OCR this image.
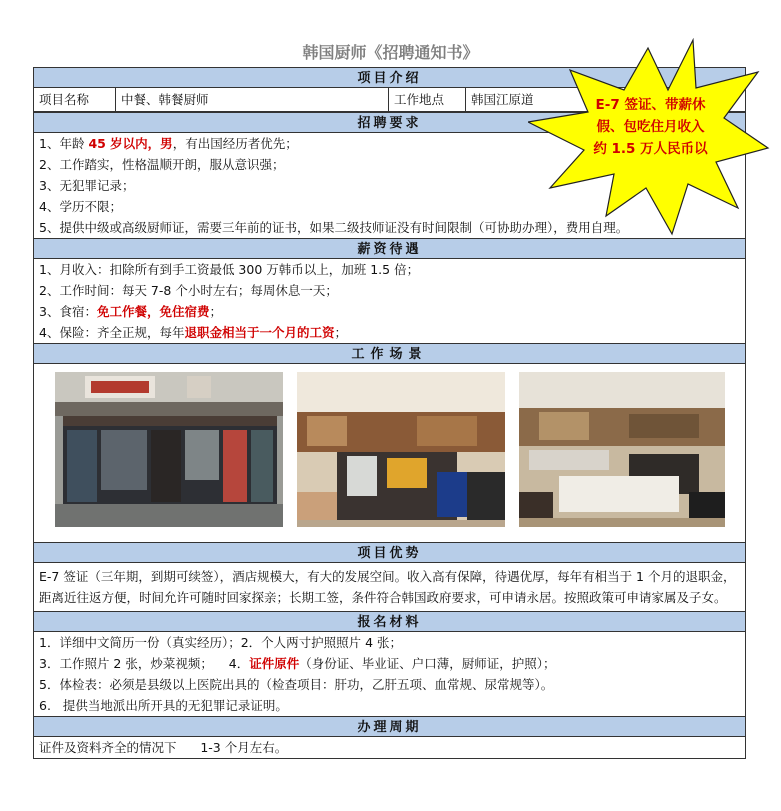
韩国厨师《招聘通知书》
项目介绍
项目名称	中餐、韩餐厨师	工作地点	韩国江原道
招聘要求
1、年龄 45 岁以内，男，有出国经历者优先；
2、工作踏实，性格温顺开朗，服从意识强；
3、无犯罪记录；
4、学历不限；
5、提供中级或高级厨师证，需要三年前的证书，如果二级技师证没有时间限制（可协助办理），费用自理。
薪资待遇
1、月收入：扣除所有到手工资最低 300 万韩币以上，加班 1.5 倍；
2、工作时间：每天 7-8 个小时左右；每周休息一天；
3、食宿：免工作餐，免住宿费；
4、保险：齐全正规，每年退职金相当于一个月的工资；
工作场景
项目优势
E-7 签证（三年期，到期可续签），酒店规模大，有大的发展空间。收入高有保障，待遇优厚，每年有相当于 1 个月的退职金，距离近往返方便，时间允许可随时回家探亲；长期工签，条件符合韩国政府要求，可申请永居。按照政策可申请家属及子女。
报名材料
1．详细中文简历一份（真实经历）；2．个人两寸护照照片 4 张；
3．工作照片 2 张，炒菜视频；    4．证件原件（身份证、毕业证、户口薄，厨师证，护照）；
5．体检表：必须是县级以上医院出具的（检查项目：肝功，乙肝五项、血常规、尿常规等）。
6.   提供当地派出所开具的无犯罪记录证明。
办理周期
证件及资料齐全的情况下      1-3 个月左右。
E-7 签证、带薪休
假、包吃住月收入
约 1.5 万人民币以
